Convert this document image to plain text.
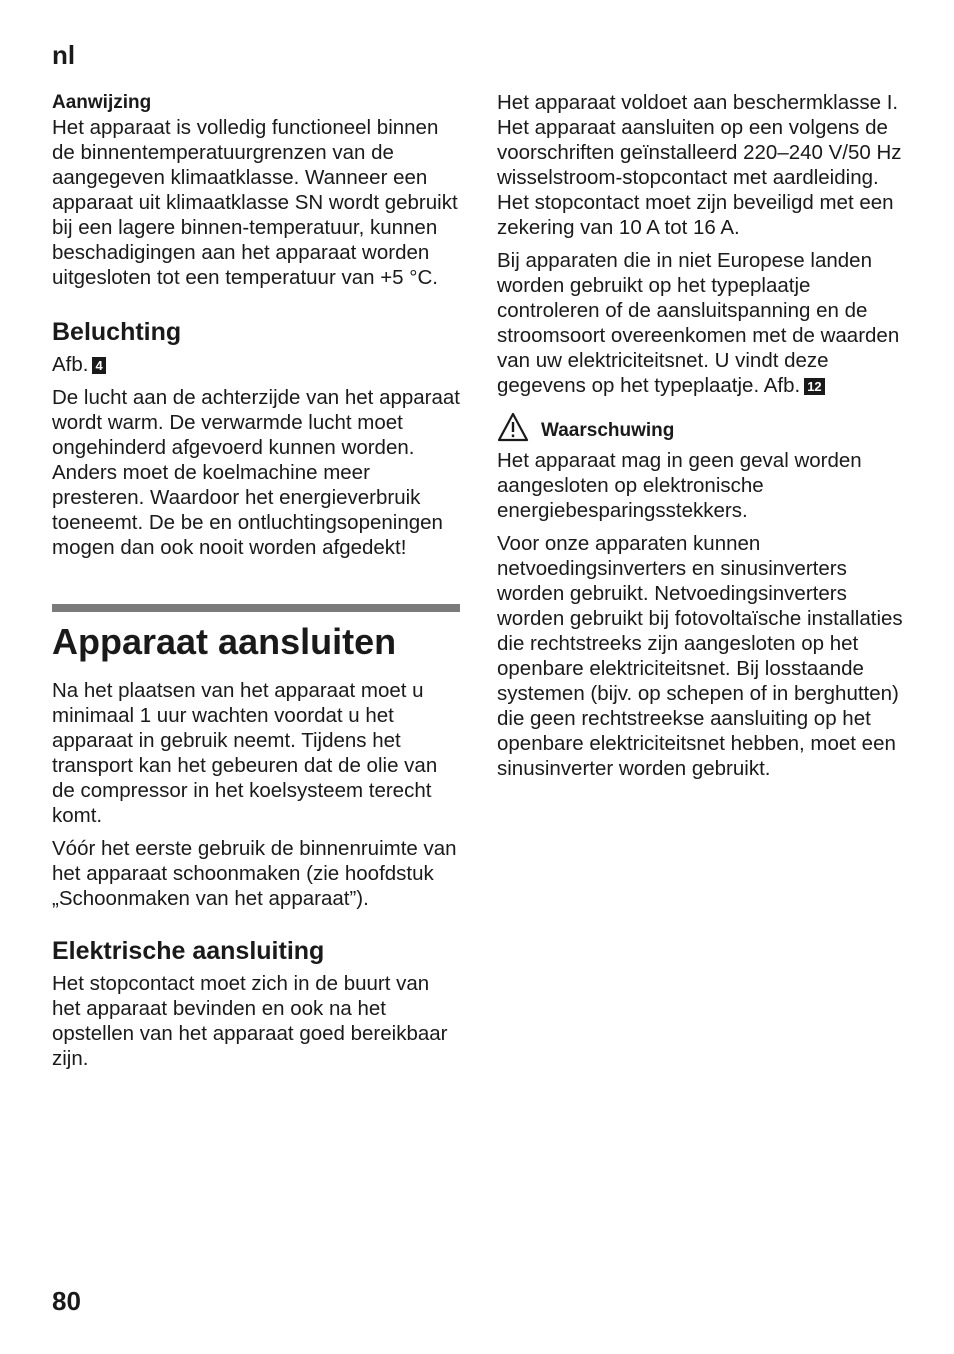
nl
Aanwijzing

Het apparaat is volledig functioneel binnen de binnentemperatuurgrenzen van de aangegeven klimaatklasse. Wanneer een apparaat uit klimaatklasse SN wordt gebruikt bij een lagere binnen-temperatuur, kunnen beschadigingen aan het apparaat worden uitgesloten tot een temperatuur van +5 °C.

Beluchting

Afb. 4

De lucht aan de achterzijde van het apparaat wordt warm. De verwarmde lucht moet ongehinderd afgevoerd kunnen worden. Anders moet de koelmachine meer presteren. Waardoor het energieverbruik toeneemt. De be en ontluchtingsopeningen mogen dan ook nooit worden afgedekt!

Apparaat aansluiten

Na het plaatsen van het apparaat moet u minimaal 1 uur wachten voordat u het apparaat in gebruik neemt. Tijdens het transport kan het gebeuren dat de olie van de compressor in het koelsysteem terecht komt.

Vóór het eerste gebruik de binnenruimte van het apparaat schoonmaken (zie hoofdstuk „Schoonmaken van het apparaat”).

Elektrische aansluiting

Het stopcontact moet zich in de buurt van het apparaat bevinden en ook na het opstellen van het apparaat goed bereikbaar zijn.

Het apparaat voldoet aan beschermklasse I. Het apparaat aansluiten op een volgens de voorschriften geïnstalleerd 220–240 V/50 Hz wisselstroom-stopcontact met aardleiding. Het stopcontact moet zijn beveiligd met een zekering van 10 A tot 16 A.

Bij apparaten die in niet Europese landen worden gebruikt op het typeplaatje controleren of de aansluitspanning en de stroomsoort overeenkomen met de waarden van uw elektriciteitsnet. U vindt deze gegevens op het typeplaatje. Afb. 12

Waarschuwing

Het apparaat mag in geen geval worden aangesloten op elektronische energiebesparingsstekkers.

Voor onze apparaten kunnen netvoedingsinverters en sinusinverters worden gebruikt. Netvoedingsinverters worden gebruikt bij fotovoltaïsche installaties die rechtstreeks zijn aangesloten op het openbare elektriciteitsnet. Bij losstaande systemen (bijv. op schepen of in berghutten) die geen rechtstreekse aansluiting op het openbare elektriciteitsnet hebben, moet een sinusinverter worden gebruikt.

80
